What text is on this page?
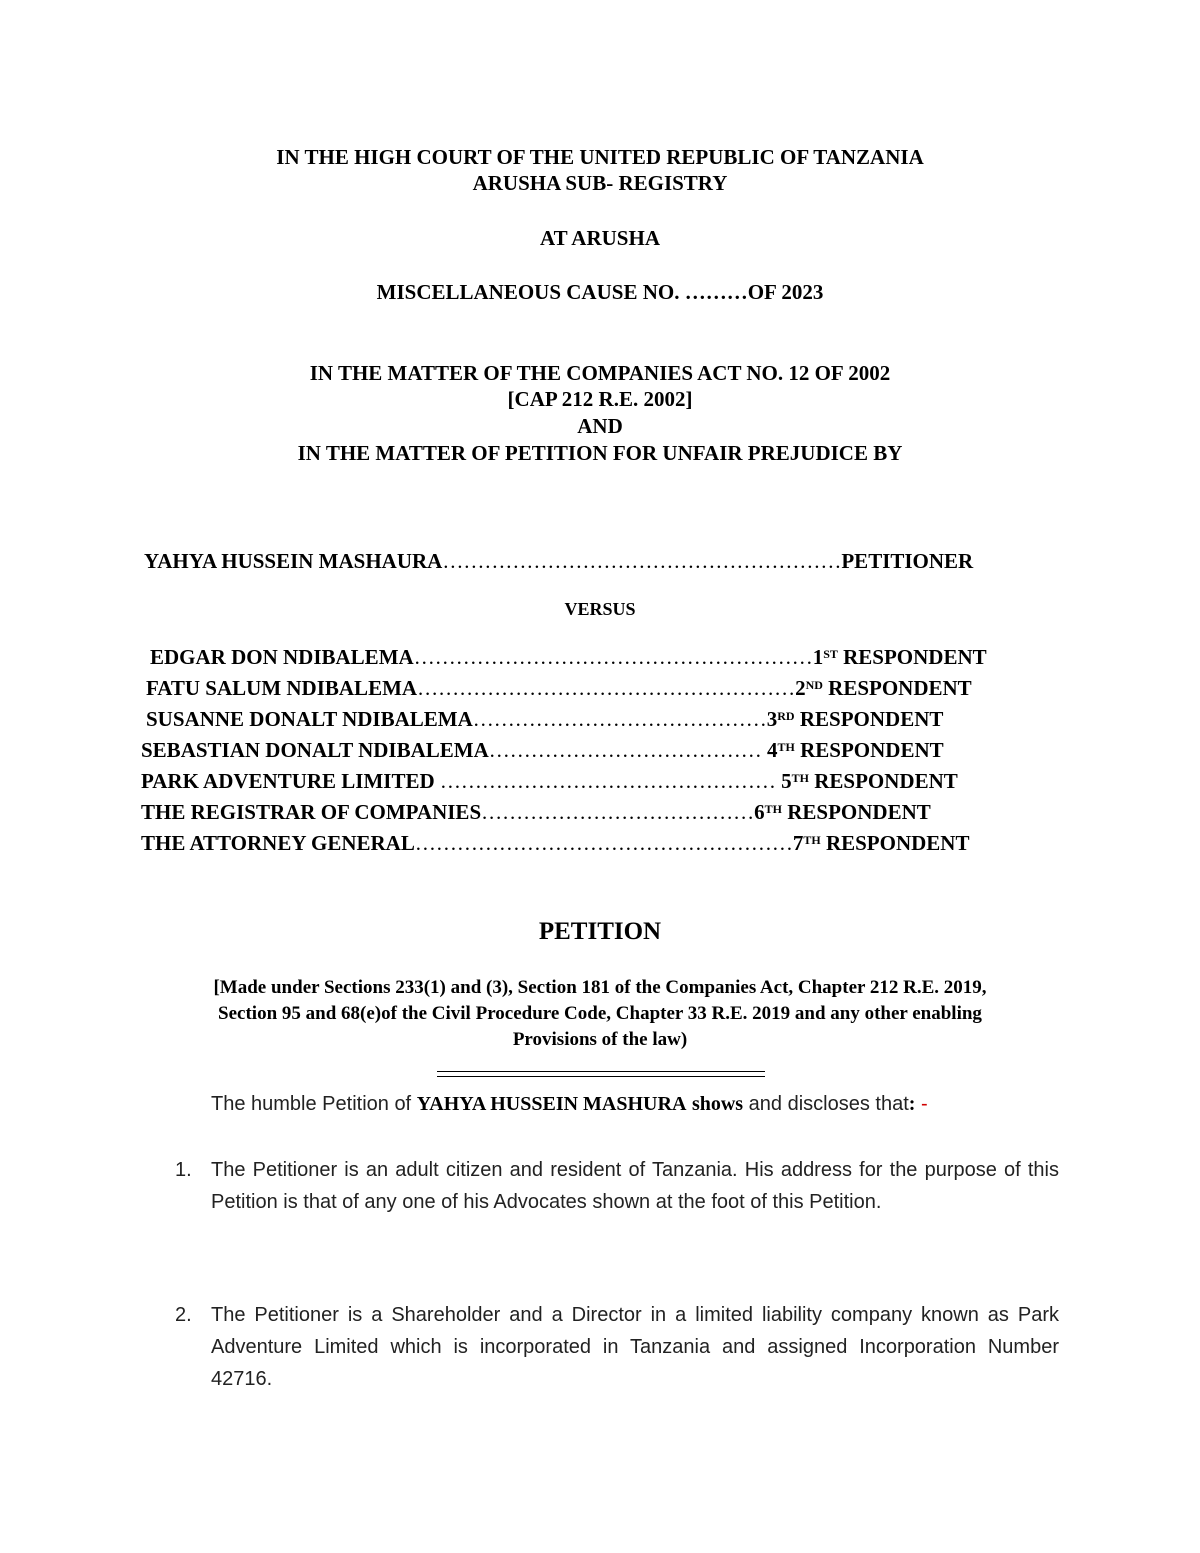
IN THE HIGH COURT OF THE UNITED REPUBLIC OF TANZANIA
ARUSHA SUB- REGISTRY
AT ARUSHA
MISCELLANEOUS CAUSE NO. ………OF 2023
IN THE MATTER OF THE COMPANIES ACT NO. 12 OF 2002
[CAP 212 R.E. 2002]
AND
IN THE MATTER OF PETITION FOR UNFAIR PREJUDICE BY
YAHYA HUSSEIN MASHAURA…………………………………………………PETITIONER
VERSUS
EDGAR DON NDIBALEMA…………………………………………………1ST RESPONDENT
FATU SALUM NDIBALEMA………………………………………………2ND RESPONDENT
SUSANNE DONALT NDIBALEMA……………………………………3RD RESPONDENT
SEBASTIAN DONALT NDIBALEMA………………………………… 4TH RESPONDENT
PARK ADVENTURE LIMITED ………………………………………… 5TH RESPONDENT
THE REGISTRAR OF COMPANIES…………………………………6TH RESPONDENT
THE ATTORNEY GENERAL………………………………………………7TH RESPONDENT
PETITION
[Made under Sections 233(1) and (3), Section 181 of the Companies Act, Chapter 212 R.E. 2019,
Section 95 and 68(e)of the Civil Procedure Code, Chapter 33 R.E. 2019 and any other enabling
Provisions of the law)
The humble Petition of YAHYA HUSSEIN MASHURA shows and discloses that: -
1. The Petitioner is an adult citizen and resident of Tanzania. His address for the purpose of this Petition is that of any one of his Advocates shown at the foot of this Petition.
2. The Petitioner is a Shareholder and a Director in a limited liability company known as Park Adventure Limited which is incorporated in Tanzania and assigned Incorporation Number 42716.
